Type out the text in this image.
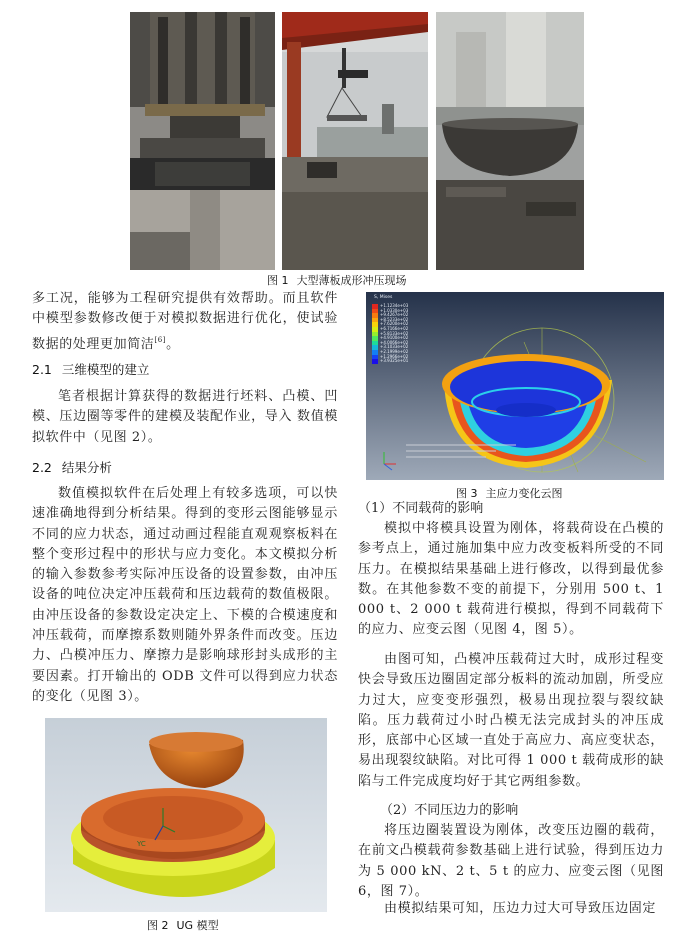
图 1 大型薄板成形冲压现场
多工况，能够为工程研究提供有效帮助。而且软件中模型参数修改便于对模拟数据进行优化，使试验数据的处理更加简洁[6]。
2.1 三维模型的建立
笔者根据计算获得的数据进行坯料、凸模、凹模、压边圈等零件的建模及装配作业，导入 数值模拟软件中（见图 2）。
2.2 结果分析
数值模拟软件在后处理上有较多选项，可以快速准确地得到分析结果。得到的变形云图能够显示不同的应力状态，通过动画过程能直观观察板料在整个变形过程中的形状与应力变化。本文模拟分析的输入参数参考实际冲压设备的设置参数，由冲压设备的吨位决定冲压载荷和压边载荷的数值极限。由冲压设备的参数设定决定上、下模的合模速度和冲压载荷，而摩擦系数则随外界条件而改变。压边力、凸模冲压力、摩擦力是影响球形封头成形的主要因素。打开输出的 ODB 文件可以得到应力状态的变化（见图 3）。
YC
图 2 UG 模型
S, Mises
+1.1234e+03
+1.0330e+03
+9.4267e+02
+8.5233e+02
+7.6200e+02
+6.7166e+02
+5.8133e+02
+4.9100e+02
+4.0066e+02
+3.1033e+02
+2.1999e+02
+1.2966e+02
+3.9325e+01
图 3 主应力变化云图
（1）不同载荷的影响
模拟中将模具设置为刚体，将载荷设在凸模的参考点上，通过施加集中应力改变板料所受的不同压力。在模拟结果基础上进行修改，以得到最优参数。在其他参数不变的前提下，分别用 500 t、1 000 t、2 000 t 载荷进行模拟，得到不同载荷下的应力、应变云图（见图 4，图 5）。
由图可知，凸模冲压载荷过大时，成形过程变快会导致压边圈固定部分板料的流动加剧，所受应力过大，应变变形强烈，极易出现拉裂与裂纹缺陷。压力载荷过小时凸模无法完成封头的冲压成形，底部中心区域一直处于高应力、高应变状态，易出现裂纹缺陷。对比可得 1 000 t 载荷成形的缺陷与工件完成度均好于其它两组参数。
（2）不同压边力的影响
将压边圈装置设为刚体，改变压边圈的载荷，在前文凸模载荷参数基础上进行试验，得到压边力为 5 000 kN、2 t、5 t 的应力、应变云图（见图 6，图 7）。
由模拟结果可知，压边力过大可导致压边固定
